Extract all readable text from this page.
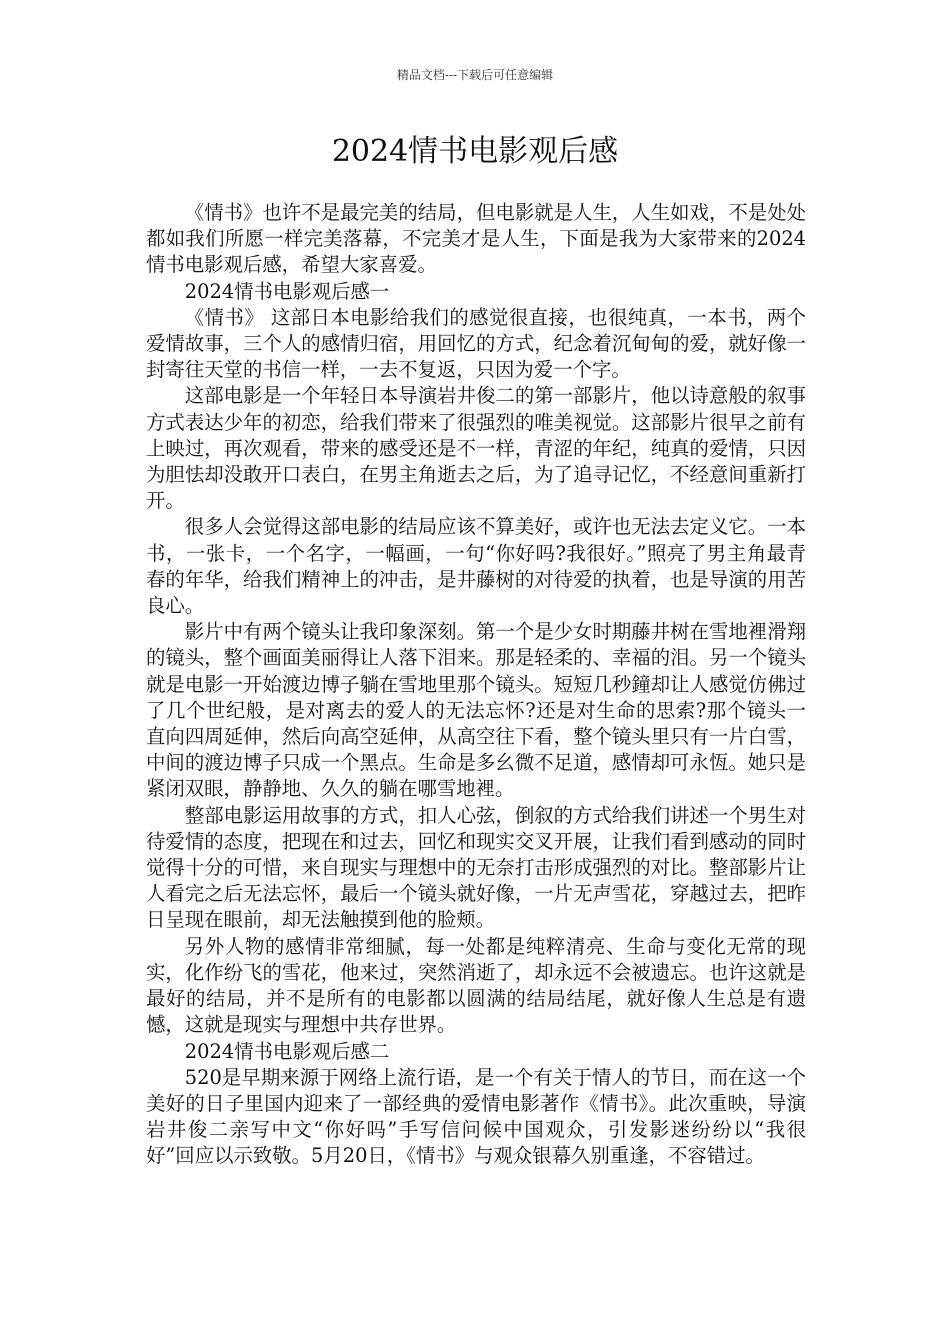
精品文档---下载后可任意编辑
2024情书电影观后感

《情书》也许不是最完美的结局，但电影就是人生，人生如戏，不是处处都如我们所愿一样完美落幕，不完美才是人生，下面是我为大家带来的2024情书电影观后感，希望大家喜爱。

2024情书电影观后感一

《情书》 这部日本电影给我们的感觉很直接，也很纯真，一本书，两个爱情故事，三个人的感情归宿，用回忆的方式，纪念着沉甸甸的爱，就好像一封寄往天堂的书信一样，一去不复返，只因为爱一个字。

这部电影是一个年轻日本导演岩井俊二的第一部影片，他以诗意般的叙事方式表达少年的初恋，给我们带来了很强烈的唯美视觉。这部影片很早之前有上映过，再次观看，带来的感受还是不一样，青涩的年纪，纯真的爱情，只因为胆怯却没敢开口表白，在男主角逝去之后，为了追寻记忆，不经意间重新打开。

很多人会觉得这部电影的结局应该不算美好，或许也无法去定义它。一本书，一张卡，一个名字，一幅画，一句“你好吗?我很好。”照亮了男主角最青春的年华，给我们精神上的冲击，是井藤树的对待爱的执着，也是导演的用苦良心。

影片中有两个镜头让我印象深刻。第一个是少女时期藤井树在雪地裡滑翔的镜头，整个画面美丽得让人落下泪来。那是轻柔的、幸福的泪。另一个镜头就是电影一开始渡边博子躺在雪地里那个镜头。短短几秒鐘却让人感觉仿佛过了几个世纪般，是对离去的爱人的无法忘怀?还是对生命的思索?那个镜头一直向四周延伸，然后向高空延伸，从高空往下看，整个镜头里只有一片白雪，中间的渡边博子只成一个黑点。生命是多幺微不足道，感情却可永恆。她只是紧闭双眼，静静地、久久的躺在哪雪地裡。

整部电影运用故事的方式，扣人心弦，倒叙的方式给我们讲述一个男生对待爱情的态度，把现在和过去，回忆和现实交叉开展，让我们看到感动的同时觉得十分的可惜，来自现实与理想中的无奈打击形成强烈的对比。整部影片让人看完之后无法忘怀，最后一个镜头就好像，一片无声雪花，穿越过去，把昨日呈现在眼前，却无法触摸到他的脸颊。

另外人物的感情非常细腻，每一处都是纯粹清亮、生命与变化无常的现实，化作纷飞的雪花，他来过，突然消逝了，却永远不会被遗忘。也许这就是最好的结局，并不是所有的电影都以圆满的结局结尾，就好像人生总是有遗憾，这就是现实与理想中共存世界。

2024情书电影观后感二

520是早期来源于网络上流行语，是一个有关于情人的节日，而在这一个美好的日子里国内迎来了一部经典的爱情电影著作《情书》。此次重映，导演岩井俊二亲写中文“你好吗”手写信问候中国观众，引发影迷纷纷以“我很好”回应以示致敬。5月20日，《情书》与观众银幕久别重逢，不容错过。
